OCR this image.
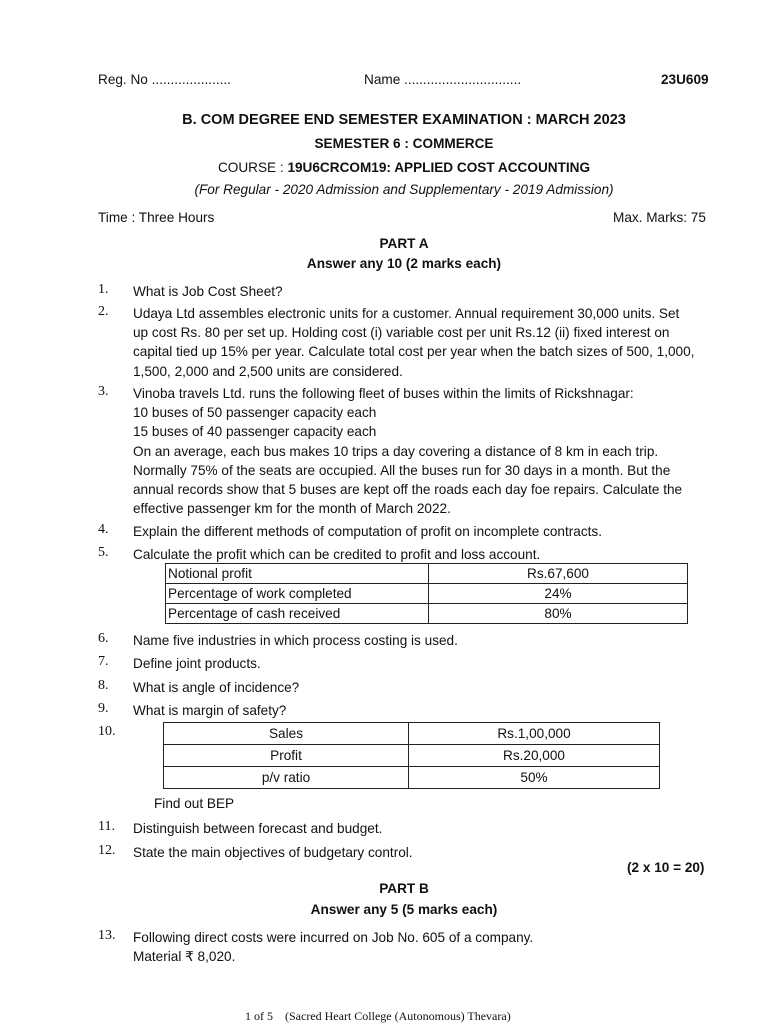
Reg. No .....................	Name ...............................	23U609
B. COM DEGREE END SEMESTER EXAMINATION : MARCH 2023
SEMESTER 6 : COMMERCE
COURSE : 19U6CRCOM19: APPLIED COST ACCOUNTING
(For Regular - 2020 Admission and Supplementary - 2019 Admission)
Time : Three Hours	Max. Marks: 75
PART A
Answer any 10 (2 marks each)
1.	What is Job Cost Sheet?
2.	Udaya Ltd assembles electronic units for a customer. Annual requirement 30,000 units. Set
up cost Rs. 80 per set up. Holding cost (i) variable cost per unit Rs.12 (ii) fixed interest on
capital tied up 15% per year. Calculate total cost per year when the batch sizes of 500, 1,000,
1,500, 2,000 and 2,500 units are considered.
3.	Vinoba travels Ltd. runs the following fleet of buses within the limits of Rickshnagar:
10 buses of 50 passenger capacity each
15 buses of 40 passenger capacity each
On an average, each bus makes 10 trips a day covering a distance of 8 km in each trip.
Normally 75% of the seats are occupied. All the buses run for 30 days in a month. But the
annual records show that 5 buses are kept off the roads each day foe repairs. Calculate the
effective passenger km for the month of March 2022.
4.	Explain the different methods of computation of profit on incomplete contracts.
5.	Calculate the profit which can be credited to profit and loss account.
Notional profit	Rs.67,600
Percentage of work completed	24%
Percentage of cash received	80%
6.	Name five industries in which process costing is used.
7.	Define joint products.
8.	What is angle of incidence?
9.	What is margin of safety?
10.	Sales	Rs.1,00,000
Profit	Rs.20,000
p/v ratio	50%
Find out BEP
11.	Distinguish between forecast and budget.
12.	State the main objectives of budgetary control.
(2 x 10 = 20)
PART B
Answer any 5 (5 marks each)
13.	Following direct costs were incurred on Job No. 605 of a company.
Material ₹ 8,020.
1 of 5 (Sacred Heart College (Autonomous) Thevara)
